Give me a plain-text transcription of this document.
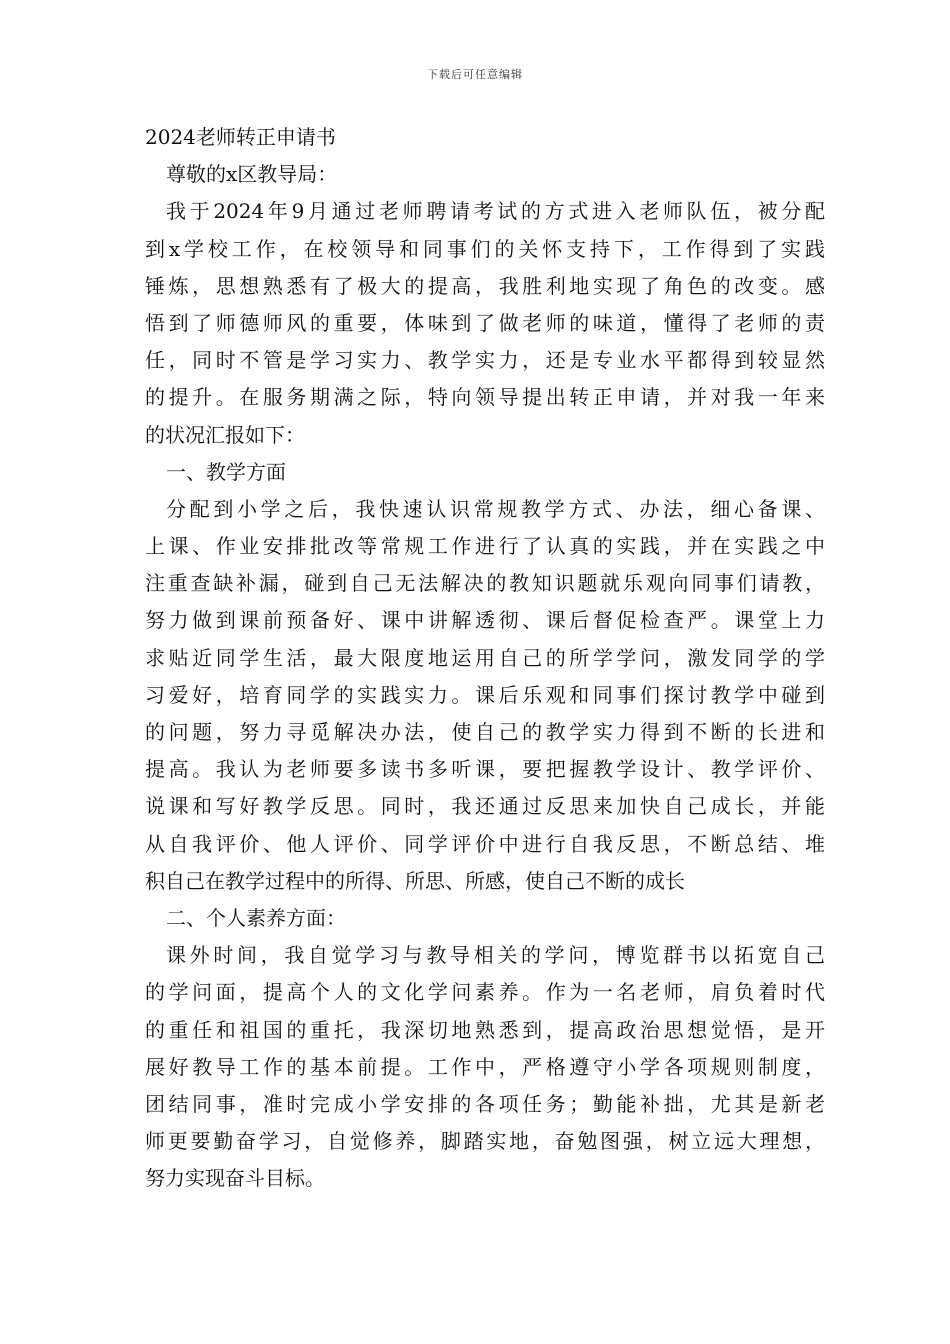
下载后可任意编辑
2024老师转正申请书
尊敬的x区教导局：
我于2024年9月通过老师聘请考试的方式进入老师队伍，被分配
到x学校工作，在校领导和同事们的关怀支持下，工作得到了实践
锤炼，思想熟悉有了极大的提高，我胜利地实现了角色的改变。感
悟到了师德师风的重要，体味到了做老师的味道，懂得了老师的责
任，同时不管是学习实力、教学实力，还是专业水平都得到较显然
的提升。在服务期满之际，特向领导提出转正申请，并对我一年来
的状况汇报如下：
一、教学方面
分配到小学之后，我快速认识常规教学方式、办法，细心备课、
上课、作业安排批改等常规工作进行了认真的实践，并在实践之中
注重查缺补漏，碰到自己无法解决的教知识题就乐观向同事们请教，
努力做到课前预备好、课中讲解透彻、课后督促检查严。课堂上力
求贴近同学生活，最大限度地运用自己的所学学问，激发同学的学
习爱好，培育同学的实践实力。课后乐观和同事们探讨教学中碰到
的问题，努力寻觅解决办法，使自己的教学实力得到不断的长进和
提高。我认为老师要多读书多听课，要把握教学设计、教学评价、
说课和写好教学反思。同时，我还通过反思来加快自己成长，并能
从自我评价、他人评价、同学评价中进行自我反思，不断总结、堆
积自己在教学过程中的所得、所思、所感，使自己不断的成长
二、个人素养方面：
课外时间，我自觉学习与教导相关的学问，博览群书以拓宽自己
的学问面，提高个人的文化学问素养。作为一名老师，肩负着时代
的重任和祖国的重托，我深切地熟悉到，提高政治思想觉悟，是开
展好教导工作的基本前提。工作中，严格遵守小学各项规则制度，
团结同事，准时完成小学安排的各项任务；勤能补拙，尤其是新老
师更要勤奋学习，自觉修养，脚踏实地，奋勉图强，树立远大理想，
努力实现奋斗目标。
